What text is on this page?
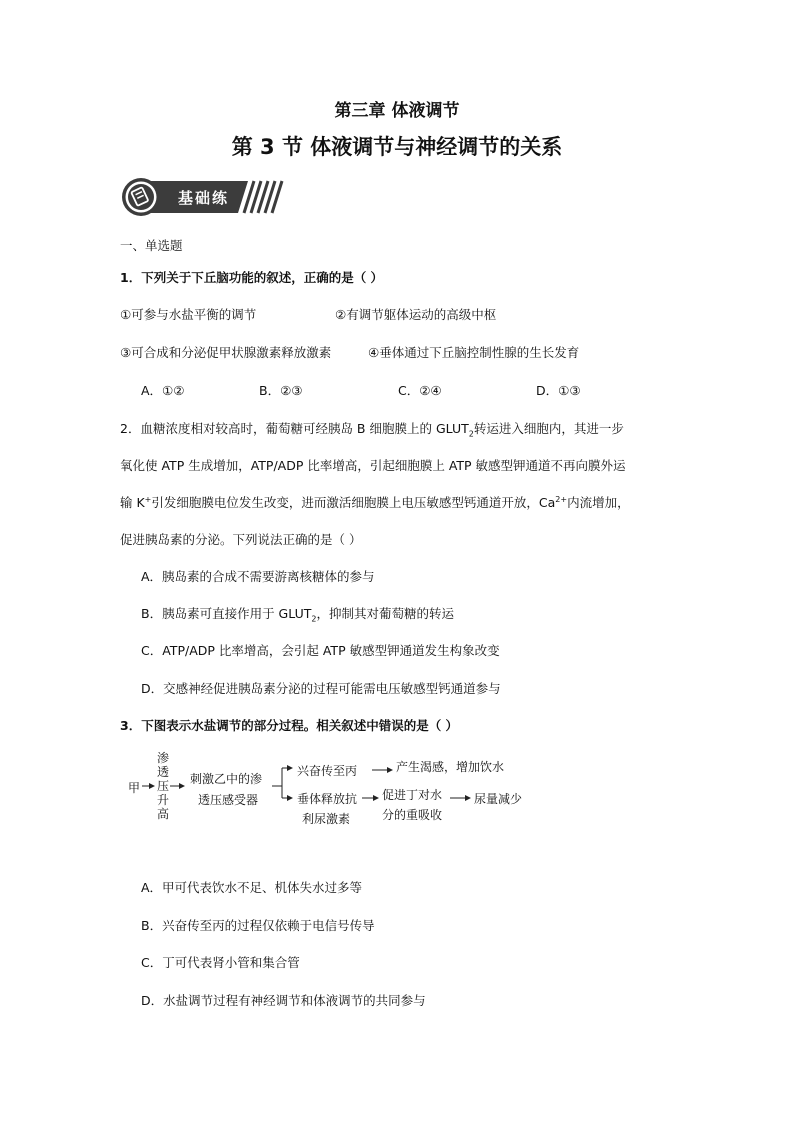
第三章 体液调节
第 3 节 体液调节与神经调节的关系
基础练
一、单选题
1．下列关于下丘脑功能的叙述，正确的是（ ）
①可参与水盐平衡的调节	②有调节躯体运动的高级中枢
③可合成和分泌促甲状腺激素释放激素	④垂体通过下丘脑控制性腺的生长发育
A．①②	B．②③	C．②④	D．①③
2．血糖浓度相对较高时，葡萄糖可经胰岛 B 细胞膜上的 $GLUT_2$转运进入细胞内，其进一步
氧化使 ATP 生成增加，ATP/ADP 比率增高，引起细胞膜上 ATP 敏感型钾通道不再向膜外运
输 K+引发细胞膜电位发生改变，进而激活细胞膜上电压敏感型钙通道开放，$Ca^{2+}$内流增加，
促进胰岛素的分泌。下列说法正确的是（ ）
A．胰岛素的合成不需要游离核糖体的参与
B．胰岛素可直接作用于 $GLUT_2$，抑制其对葡萄糖的转运
C．ATP/ADP 比率增高，会引起 ATP 敏感型钾通道发生构象改变
D．交感神经促进胰岛素分泌的过程可能需电压敏感型钙通道参与
3．下图表示水盐调节的部分过程。相关叙述中错误的是（ ）
甲
渗
透
压
升
高
刺激乙中的渗
透压感受器
兴奋传至丙	产生渴感，增加饮水
垂体释放抗
利尿激素
促进丁对水
分的重吸收
尿量减少
A．甲可代表饮水不足、机体失水过多等
B．兴奋传至丙的过程仅依赖于电信号传导
C．丁可代表肾小管和集合管
D．水盐调节过程有神经调节和体液调节的共同参与
